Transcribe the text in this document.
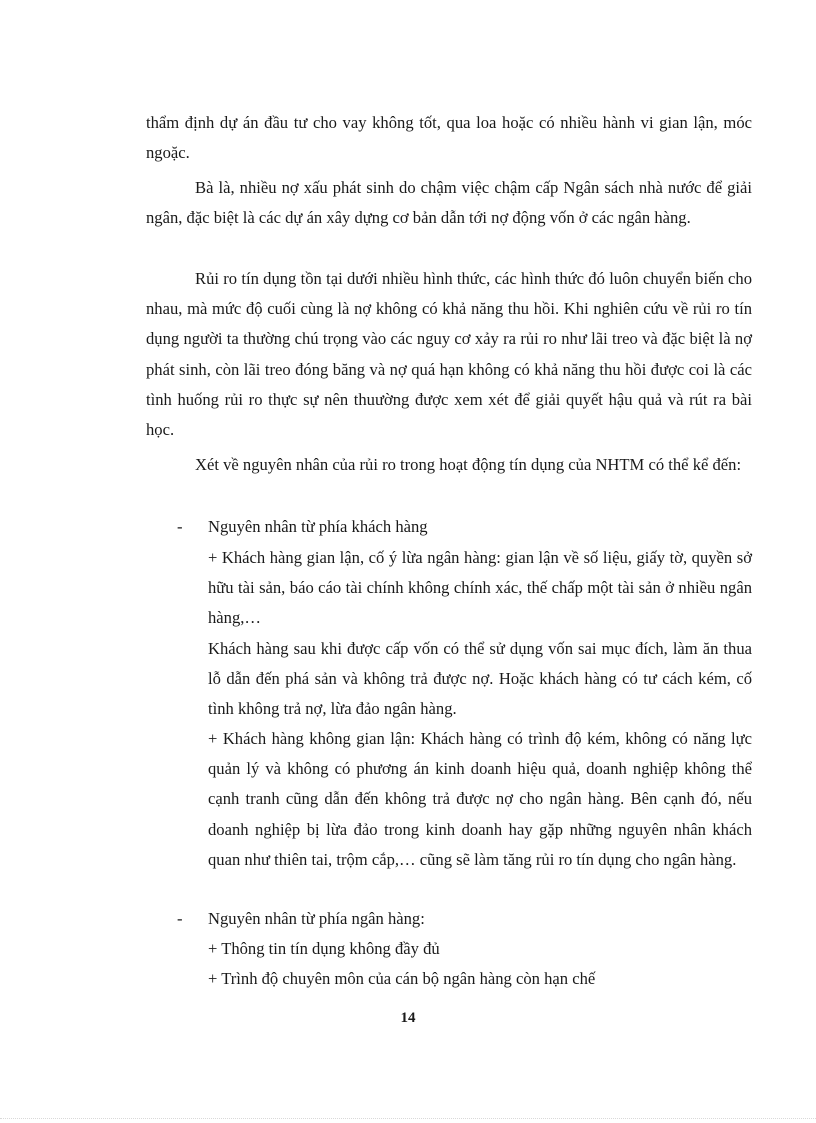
thẩm định dự án đầu tư cho vay không tốt, qua loa hoặc có nhiều hành vi gian lận, móc ngoặc.

Bà là, nhiều nợ xấu phát sinh do chậm việc chậm cấp Ngân sách nhà nước để giải ngân, đặc biệt là các dự án xây dựng cơ bản dẫn tới nợ động vốn ở các ngân hàng.

Rủi ro tín dụng tồn tại dưới nhiều hình thức, các hình thức đó luôn chuyển biến cho nhau, mà mức độ cuối cùng là nợ không có khả năng thu hồi. Khi nghiên cứu về rủi ro tín dụng người ta thường chú trọng vào các nguy cơ xảy ra rủi ro như lãi treo và đặc biệt là nợ phát sinh, còn lãi treo đóng băng và nợ quá hạn không có khả năng thu hồi được coi là các tình huống rủi ro thực sự nên thuường được xem xét để giải quyết hậu quả và rút ra bài học.

Xét về nguyên nhân của rủi ro trong hoạt động tín dụng của NHTM có thể kể đến:

- Nguyên nhân từ phía khách hàng

+ Khách hàng gian lận, cố ý lừa ngân hàng: gian lận về số liệu, giấy tờ, quyền sở hữu tài sản, báo cáo tài chính không chính xác, thế chấp một tài sản ở nhiều ngân hàng,…

Khách hàng sau khi được cấp vốn có thể sử dụng vốn sai mục đích, làm ăn thua lỗ dẫn đến phá sản và không trả được nợ. Hoặc khách hàng có tư cách kém, cố tình không trả nợ, lừa đảo ngân hàng.

+ Khách hàng không gian lận: Khách hàng có trình độ kém, không có năng lực quản lý và không có phương án kinh doanh hiệu quả, doanh nghiệp không thể cạnh tranh cũng dẫn đến không trả được nợ cho ngân hàng. Bên cạnh đó, nếu doanh nghiệp bị lừa đảo trong kinh doanh hay gặp những nguyên nhân khách quan như thiên tai, trộm cắp,… cũng sẽ làm tăng rủi ro tín dụng cho ngân hàng.

- Nguyên nhân từ phía ngân hàng:

+ Thông tin tín dụng không đầy đủ

+ Trình độ chuyên môn của cán bộ ngân hàng còn hạn chế

14
